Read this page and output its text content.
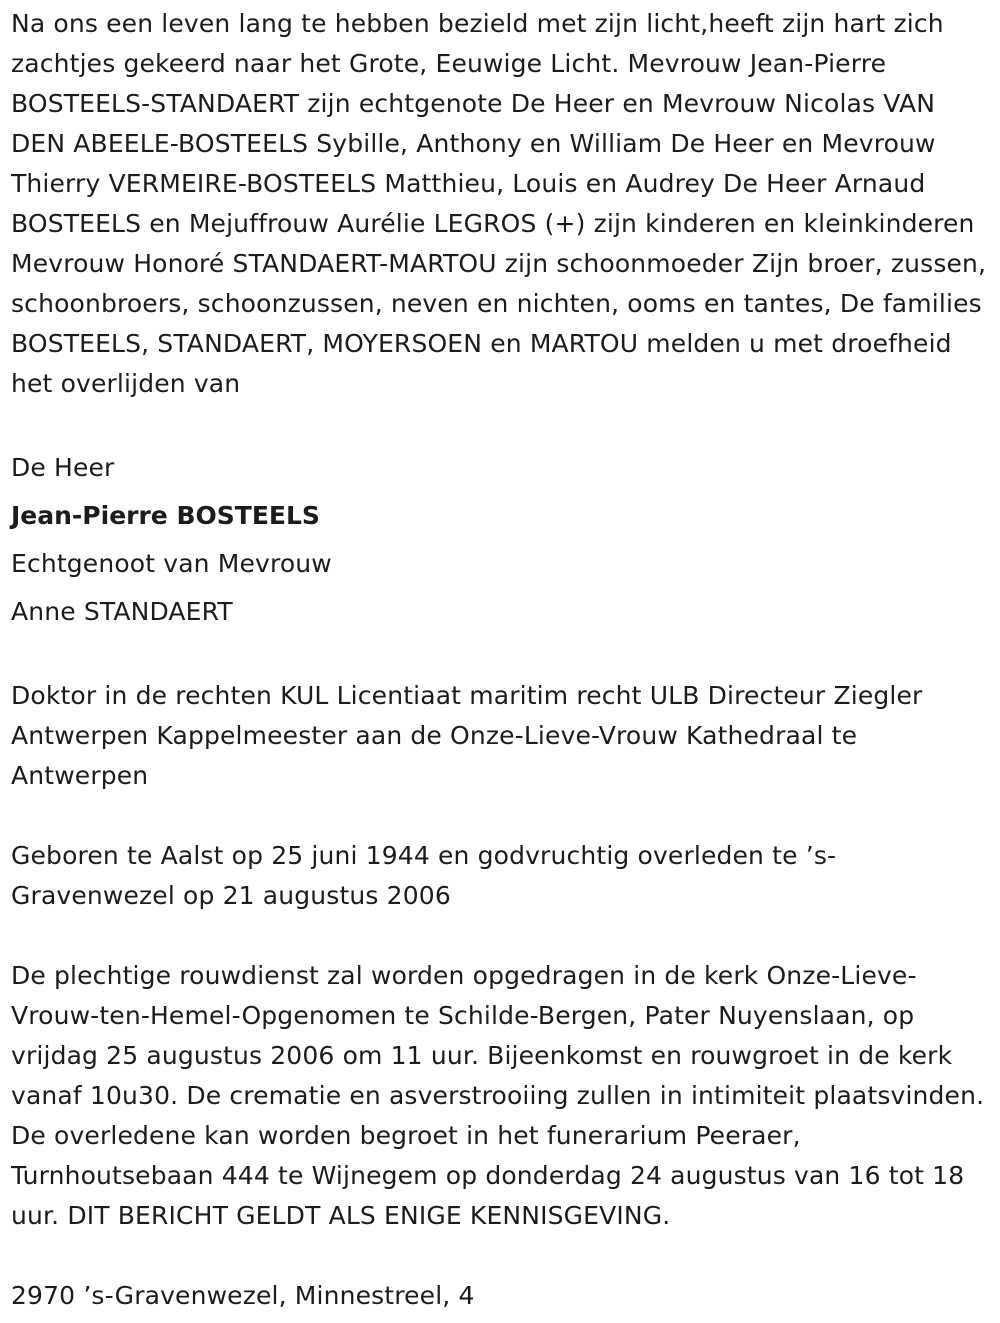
Na ons een leven lang te hebben bezield met zijn licht,heeft zijn hart zich zachtjes gekeerd naar het Grote, Eeuwige Licht. Mevrouw Jean-Pierre BOSTEELS-STANDAERT zijn echtgenote De Heer en Mevrouw Nicolas VAN DEN ABEELE-BOSTEELS Sybille, Anthony en William De Heer en Mevrouw Thierry VERMEIRE-BOSTEELS Matthieu, Louis en Audrey De Heer Arnaud BOSTEELS en Mejuffrouw Aurélie LEGROS (+) zijn kinderen en kleinkinderen Mevrouw Honoré STANDAERT-MARTOU zijn schoonmoeder Zijn broer, zussen, schoonbroers, schoonzussen, neven en nichten, ooms en tantes, De families BOSTEELS, STANDAERT, MOYERSOEN en MARTOU melden u met droefheid het overlijden van

De Heer
Jean-Pierre BOSTEELS
Echtgenoot van Mevrouw
Anne STANDAERT

Doktor in de rechten KUL Licentiaat maritim recht ULB Directeur Ziegler Antwerpen Kappelmeester aan de Onze-Lieve-Vrouw Kathedraal te Antwerpen

Geboren te Aalst op 25 juni 1944 en godvruchtig overleden te ’s-Gravenwezel op 21 augustus 2006

De plechtige rouwdienst zal worden opgedragen in de kerk Onze-Lieve-Vrouw-ten-Hemel-Opgenomen te Schilde-Bergen, Pater Nuyenslaan, op vrijdag 25 augustus 2006 om 11 uur. Bijeenkomst en rouwgroet in de kerk vanaf 10u30. De crematie en asverstrooiing zullen in intimiteit plaatsvinden. De overledene kan worden begroet in het funerarium Peeraer, Turnhoutsebaan 444 te Wijnegem op donderdag 24 augustus van 16 tot 18 uur. DIT BERICHT GELDT ALS ENIGE KENNISGEVING.

2970 ’s-Gravenwezel, Minnestreel, 4
